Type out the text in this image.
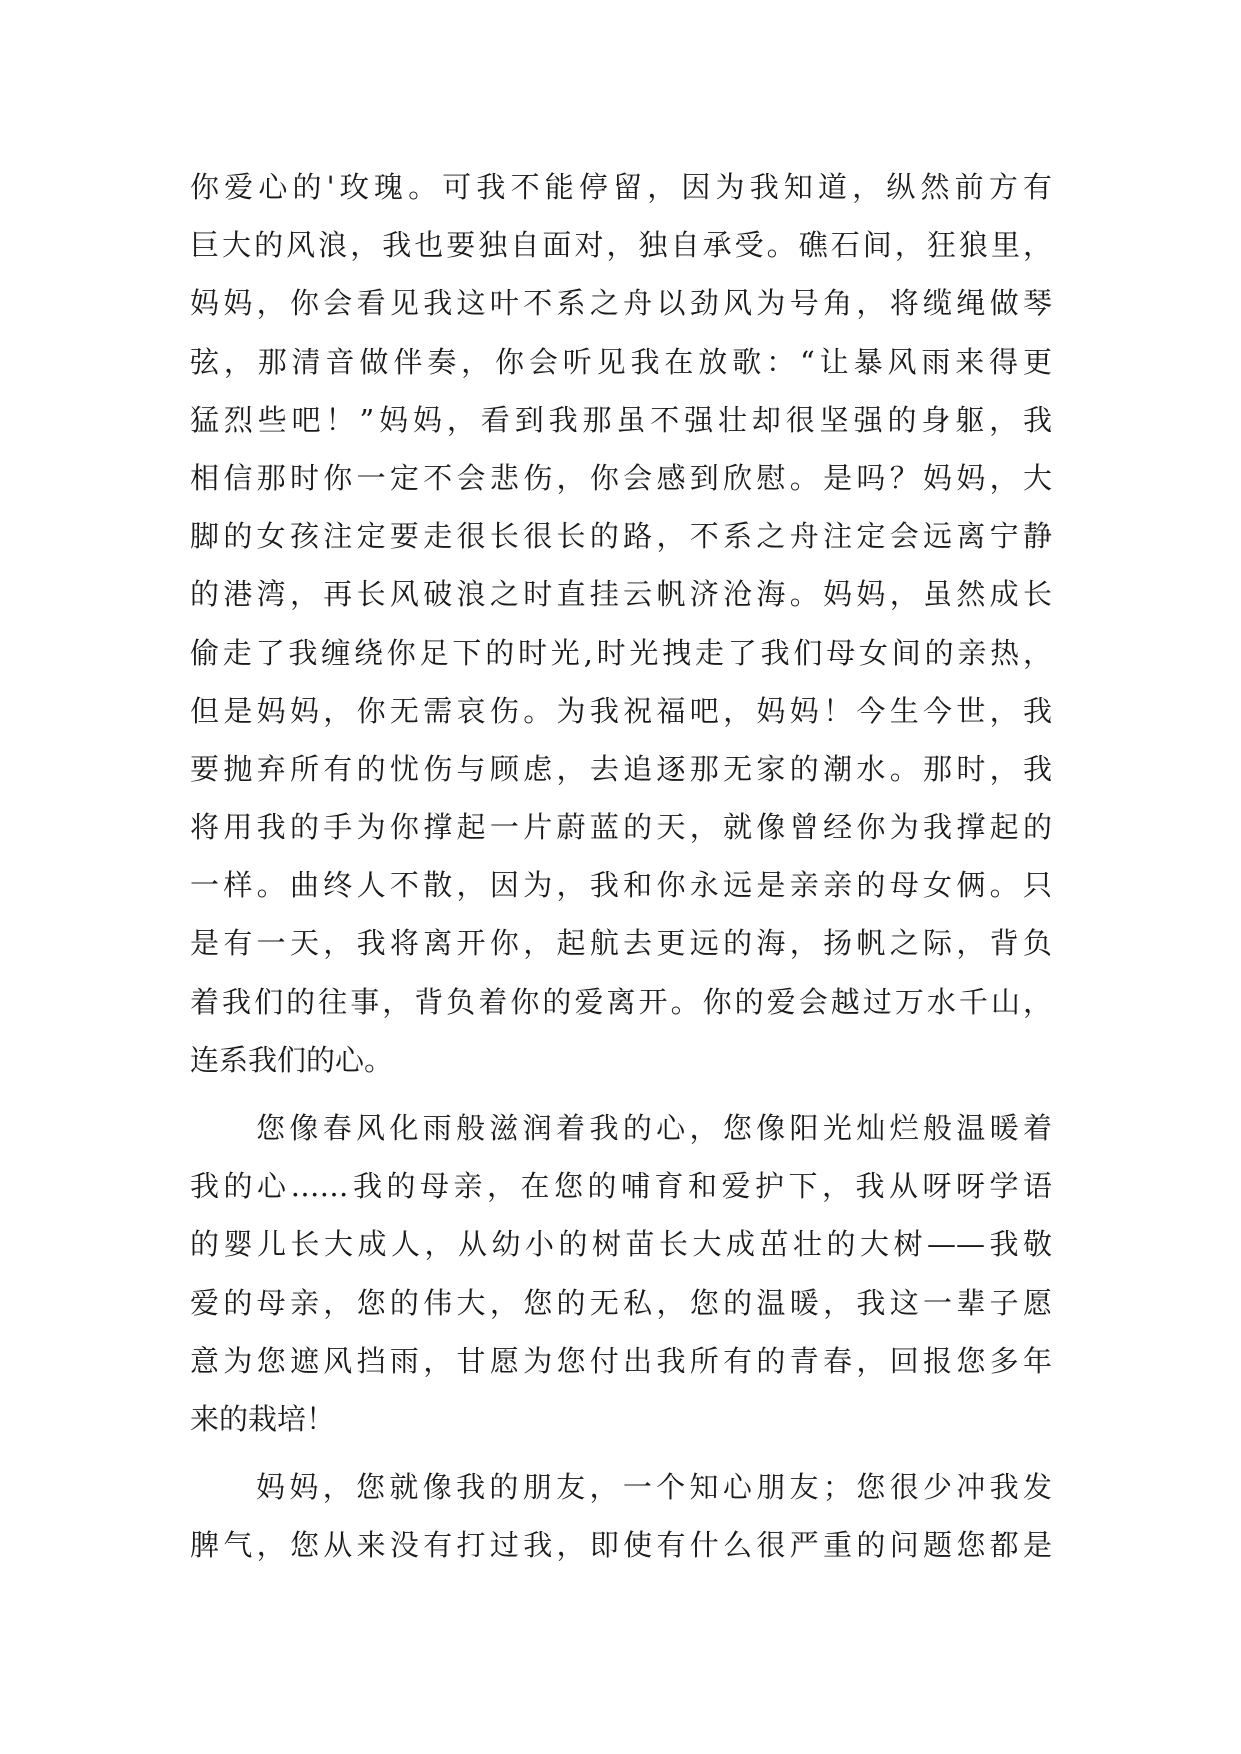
你爱心的'玫瑰。可我不能停留，因为我知道，纵然前方有
巨大的风浪，我也要独自面对，独自承受。礁石间，狂狼里，
妈妈，你会看见我这叶不系之舟以劲风为号角，将缆绳做琴
弦，那清音做伴奏，你会听见我在放歌：“让暴风雨来得更
猛烈些吧！”妈妈，看到我那虽不强壮却很坚强的身躯，我
相信那时你一定不会悲伤，你会感到欣慰。是吗？妈妈，大
脚的女孩注定要走很长很长的路，不系之舟注定会远离宁静
的港湾，再长风破浪之时直挂云帆济沧海。妈妈，虽然成长
偷走了我缠绕你足下的时光,时光拽走了我们母女间的亲热，
但是妈妈，你无需哀伤。为我祝福吧，妈妈！今生今世，我
要抛弃所有的忧伤与顾虑，去追逐那无家的潮水。那时，我
将用我的手为你撑起一片蔚蓝的天，就像曾经你为我撑起的
一样。曲终人不散，因为，我和你永远是亲亲的母女俩。只
是有一天，我将离开你，起航去更远的海，扬帆之际，背负
着我们的往事，背负着你的爱离开。你的爱会越过万水千山，
连系我们的心。
您像春风化雨般滋润着我的心，您像阳光灿烂般温暖着
我的心……我的母亲，在您的哺育和爱护下，我从呀呀学语
的婴儿长大成人，从幼小的树苗长大成茁壮的大树——我敬
爱的母亲，您的伟大，您的无私，您的温暖，我这一辈子愿
意为您遮风挡雨，甘愿为您付出我所有的青春，回报您多年
来的栽培！
妈妈，您就像我的朋友，一个知心朋友；您很少冲我发
脾气，您从来没有打过我，即使有什么很严重的问题您都是
